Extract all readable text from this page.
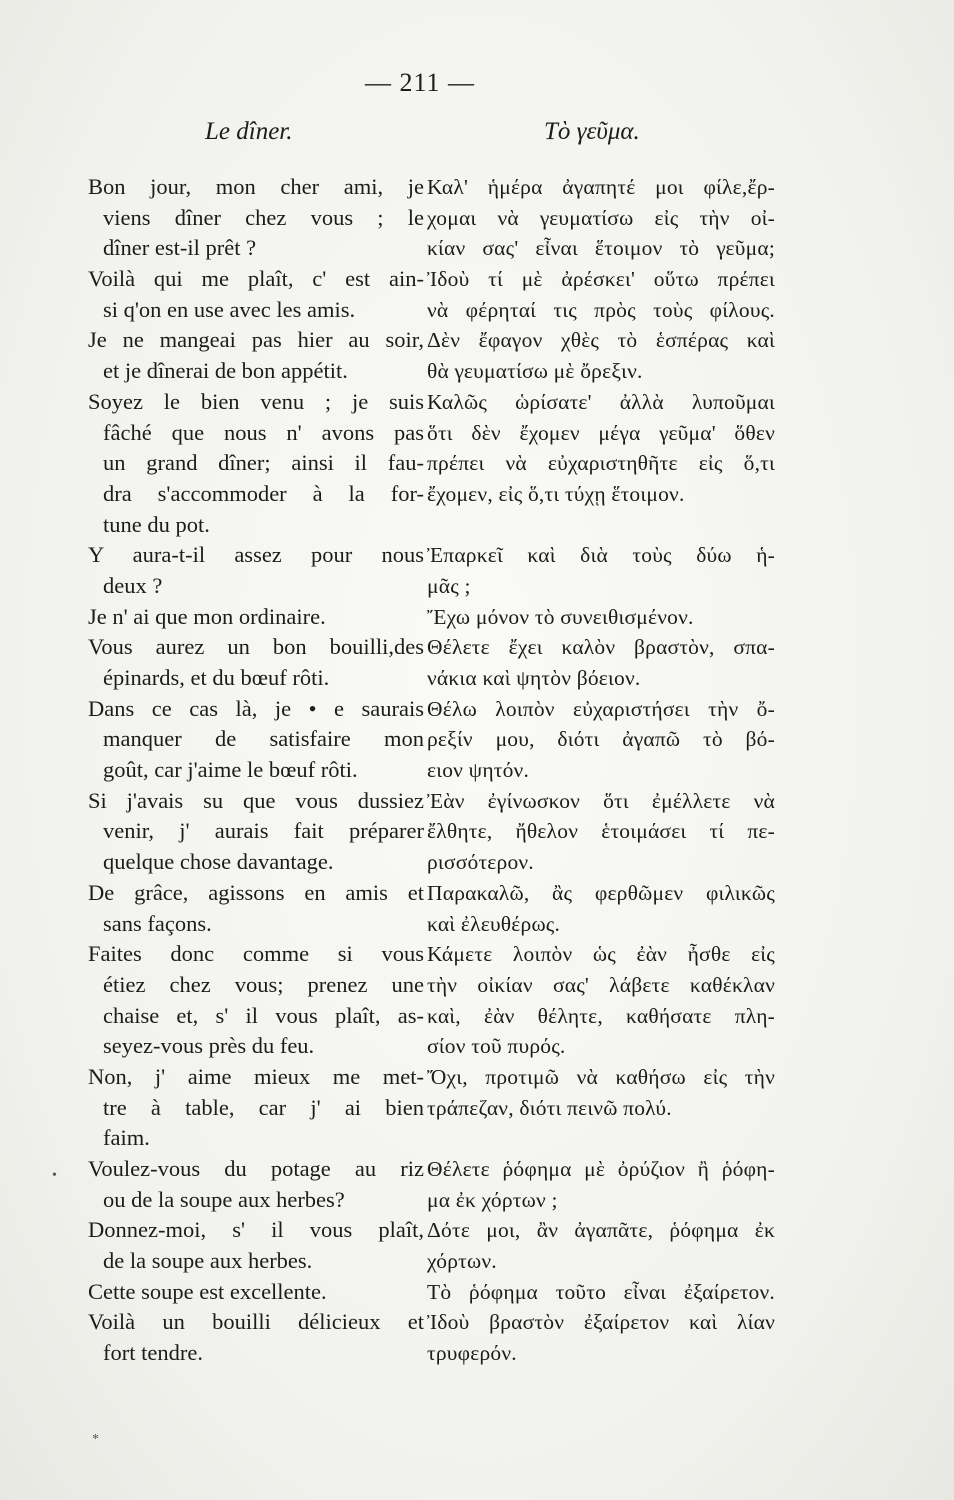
— 211 —
Le dîner.	Τὸ γεῦμα.
Bon jour, mon cher ami, je
viens dîner chez vous ; le
dîner est-il prêt ?
Voilà qui me plaît, c' est ain-
si q'on en use avec les amis.
Je ne mangeai pas hier au soir,
et je dînerai de bon appétit.
Soyez le bien venu ; je suis
fâché que nous n' avons pas
un grand dîner; ainsi il fau-
dra s'accommoder à la for-
tune du pot.
Y aura-t-il assez pour nous
deux ?
Je n' ai que mon ordinaire.
Vous aurez un bon bouilli,des
épinards, et du bœuf rôti.
Dans ce cas là, je • e saurais
manquer de satisfaire mon
goût, car j'aime le bœuf rôti.
Si j'avais su que vous dussiez
venir, j' aurais fait préparer
quelque chose davantage.
De grâce, agissons en amis et
sans façons.
Faites donc comme si vous
étiez chez vous; prenez une
chaise et, s' il vous plaît, as-
seyez-vous près du feu.
Non, j' aime mieux me met-
tre à table, car j' ai bien
faim.
Voulez-vous du potage au riz
ou de la soupe aux herbes?
Donnez-moi, s' il vous plaît,
de la soupe aux herbes.
Cette soupe est excellente.
Voilà un bouilli délicieux et
fort tendre.
Καλ' ἡμέρα ἀγαπητέ μοι φίλε,ἔρ-
χομαι νὰ γευματίσω εἰς τὴν οἰ-
κίαν σας' εἶναι ἕτοιμον τὸ γεῦμα;
Ἰδοὺ τί μὲ ἀρέσκει' οὕτω πρέπει
νὰ φέρηταί τις πρὸς τοὺς φίλους.
Δὲν ἔφαγον χθὲς τὸ ἑσπέρας καὶ
θὰ γευματίσω μὲ ὄρεξιν.
Καλῶς ὡρίσατε' ἀλλὰ λυποῦμαι
ὅτι δὲν ἔχομεν μέγα γεῦμα' ὅθεν
πρέπει νὰ εὐχαριστηθῆτε εἰς ὅ,τι
ἔχομεν, εἰς ὅ,τι τύχῃ ἕτοιμον.
Ἐπαρκεῖ καὶ διὰ τοὺς δύω ἡ-
μᾶς ;
Ἔχω μόνον τὸ συνειθισμένον.
Θέλετε ἔχει καλὸν βραστὸν, σπα-
νάκια καὶ ψητὸν βόειον.
Θέλω λοιπὸν εὐχαριστήσει τὴν ὄ-
ρεξίν μου, διότι ἀγαπῶ τὸ βό-
ειον ψητόν.
Ἐὰν ἐγίνωσκον ὅτι ἐμέλλετε νὰ
ἔλθητε, ἤθελον ἑτοιμάσει τί πε-
ρισσότερον.
Παρακαλῶ, ἂς φερθῶμεν φιλικῶς
καὶ ἐλευθέρως.
Κάμετε λοιπὸν ὡς ἐὰν ἦσθε εἰς
τὴν οἰκίαν σας' λάβετε καθέκλαν
καὶ, ἐὰν θέλητε, καθήσατε πλη-
σίον τοῦ πυρός.
Ὄχι, προτιμῶ νὰ καθήσω εἰς τὴν
τράπεζαν, διότι πεινῶ πολύ.
Θέλετε ῥόφημα μὲ ὀρύζιον ἢ ῥόφη-
μα ἐκ χόρτων ;
Δότε μοι, ἂν ἀγαπᾶτε, ῥόφημα ἐκ
χόρτων.
Τὸ ῥόφημα τοῦτο εἶναι ἐξαίρετον.
Ἰδοὺ βραστὸν ἐξαίρετον καὶ λίαν
τρυφερόν.
•
*
